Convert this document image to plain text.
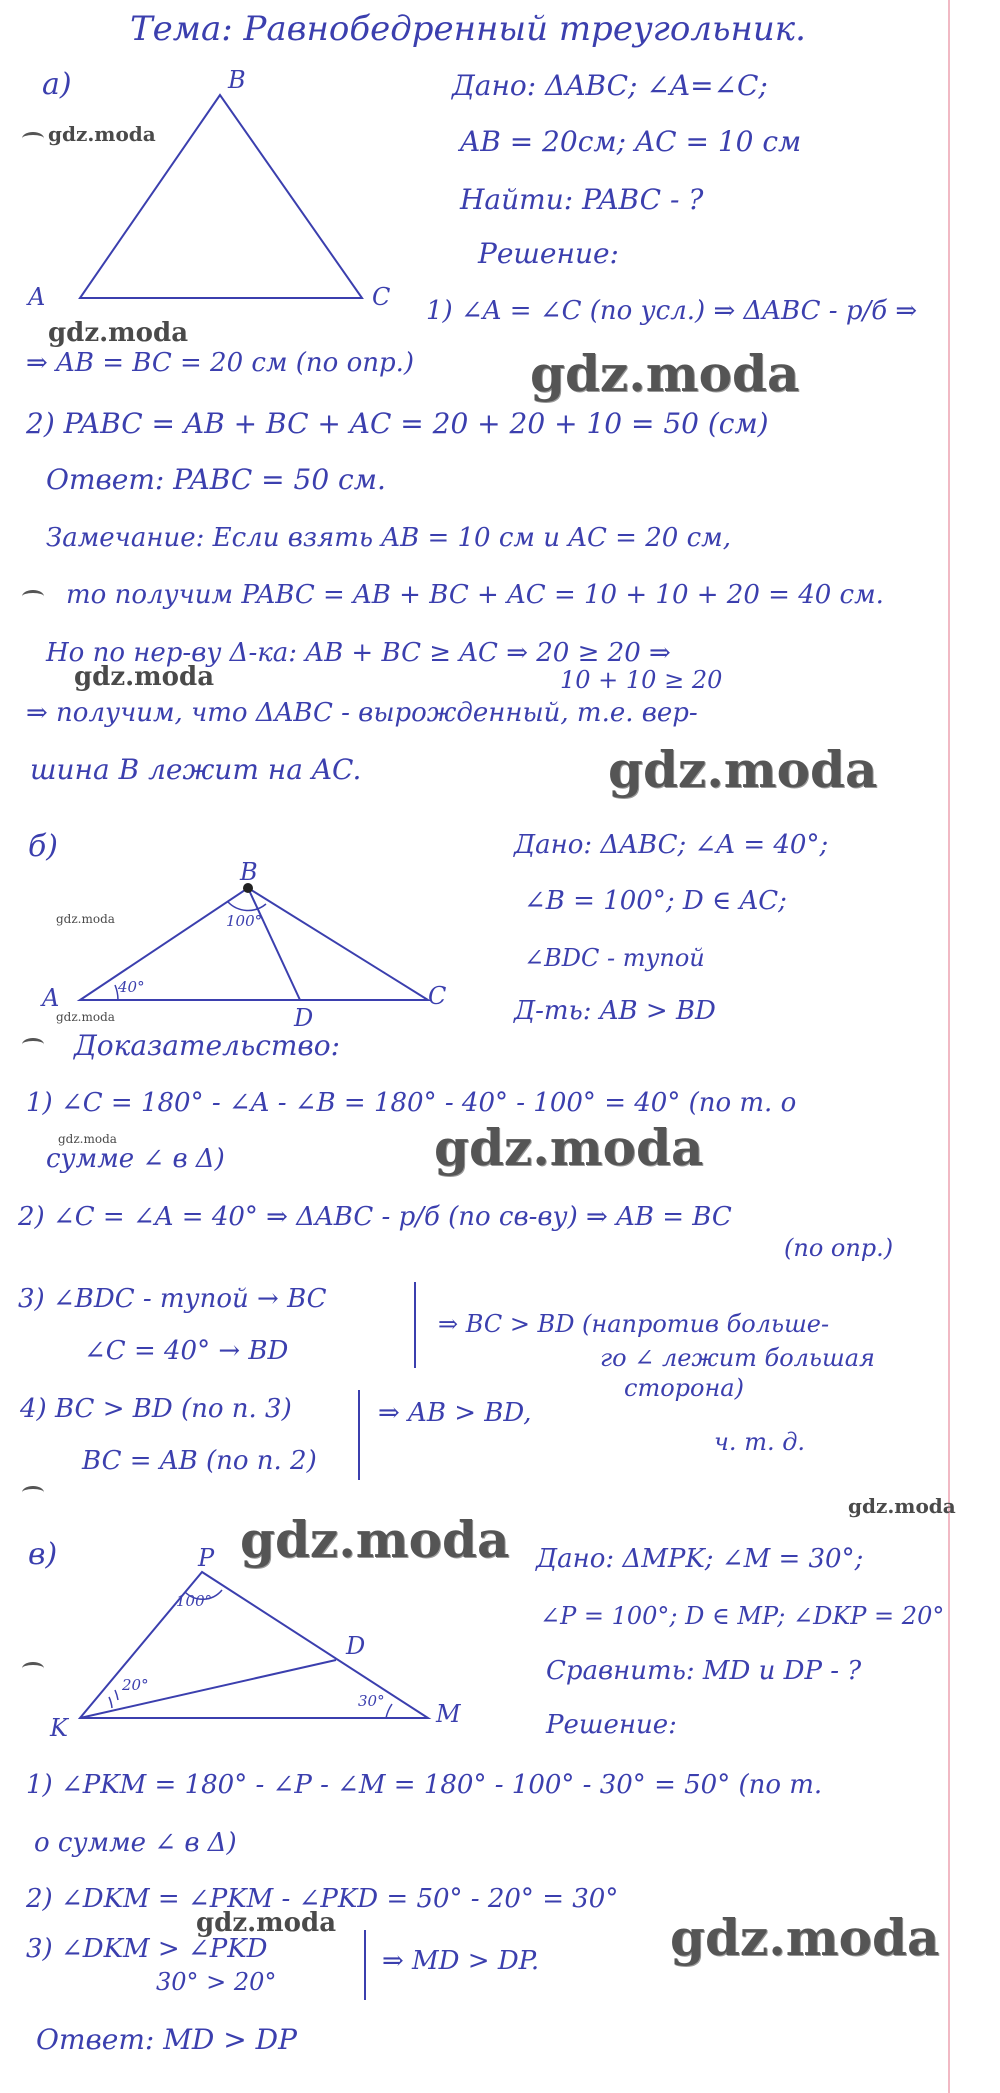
Тема: Равнобедренный треугольник.
а)	B
A	C
Дано: ΔABC; ∠A=∠C;
AB = 20см; AC = 10 см
Найти: PABC - ?
Решение:
1) ∠A = ∠C (по усл.) ⇒ ΔABC - р/б ⇒
⇒ AB = BC = 20 см (по опр.)
2) PABC = AB + BC + AC = 20 + 20 + 10 = 50 (см)
Ответ: PABC = 50 см.
Замечание: Если взять AB = 10 см и AC = 20 см,
то получим PABC = AB + BC + AC = 10 + 10 + 20 = 40 см.
Но по нер-ву Δ-ка: AB + BC ≥ AC ⇒ 20 ≥ 20 ⇒
10 + 10 ≥ 20
⇒ получим, что ΔABC - вырожденный, т.е. вер-
шина B лежит на AC.
б)
B
A	C
D
40°
100°
Дано: ΔABC; ∠A = 40°;
∠B = 100°; D ∈ AC;
∠BDC - тупой
Д-ть: AB > BD
Доказательство:
1) ∠C = 180° - ∠A - ∠B = 180° - 40° - 100° = 40° (по т. о
сумме ∠ в Δ)
2) ∠C = ∠A = 40° ⇒ ΔABC - р/б (по св-ву) ⇒ AB = BC
(по опр.)
3) ∠BDC - тупой → BC
∠C = 40° → BD
⇒ BC > BD (напротив больше-
го ∠ лежит большая
сторона)
4) BC > BD (по п. 3)
BC = AB (по п. 2)
⇒ AB > BD,
ч. т. д.
в)	P
K	M
D
100°
20°
30°
Дано: ΔMPK; ∠M = 30°;
∠P = 100°; D ∈ MP; ∠DKP = 20°
Сравнить: MD и DP - ?
Решение:
1) ∠PKM = 180° - ∠P - ∠M = 180° - 100° - 30° = 50° (по т.
о сумме ∠ в Δ)
2) ∠DKM = ∠PKM - ∠PKD = 50° - 20° = 30°
3) ∠DKM > ∠PKD
30° > 20°
⇒ MD > DP.
Ответ: MD > DP
gdz.moda
gdz.moda
gdz.moda
gdz.moda
gdz.moda
gdz.moda
gdz.moda
gdz.moda	gdz.moda
gdz.moda
gdz.moda
gdz.moda	gdz.moda
